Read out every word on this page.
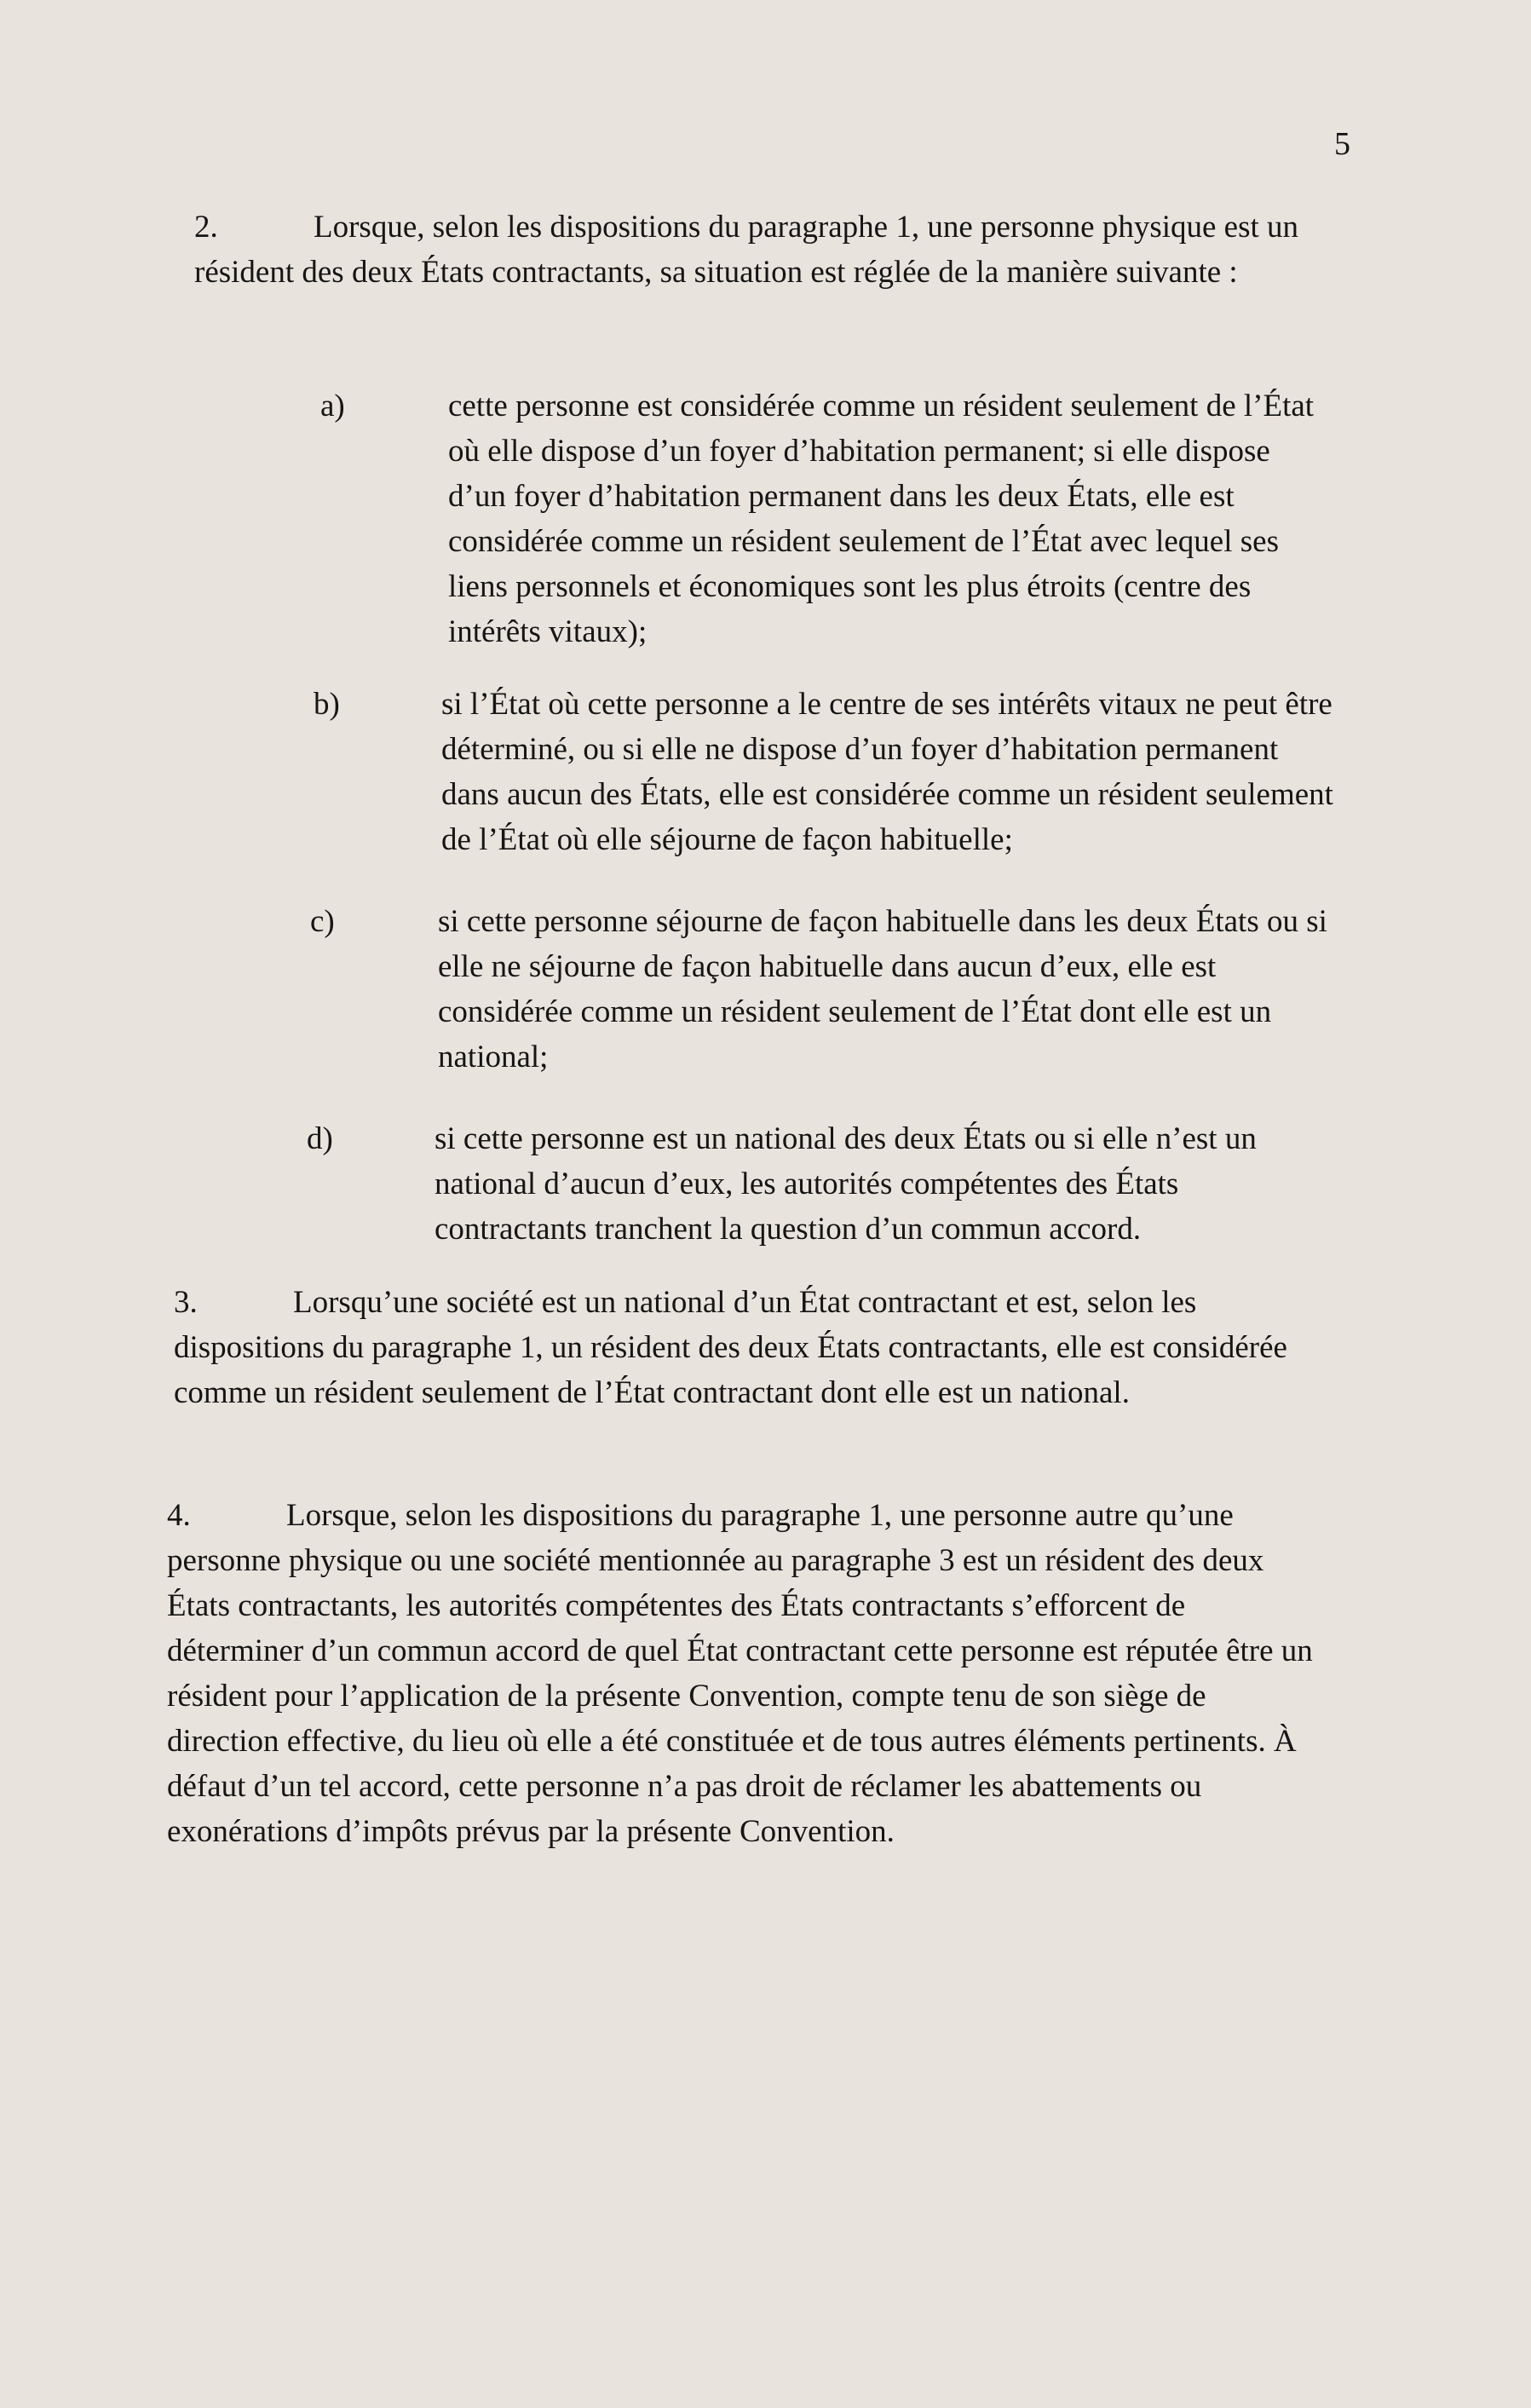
5

2.	Lorsque, selon les dispositions du paragraphe 1, une personne physique est un résident des deux États contractants, sa situation est réglée de la manière suivante :

a)	cette personne est considérée comme un résident seulement de l’État où elle dispose d’un foyer d’habitation permanent; si elle dispose d’un foyer d’habitation permanent dans les deux États, elle est considérée comme un résident seulement de l’État avec lequel ses liens personnels et économiques sont les plus étroits (centre des intérêts vitaux);
b)	si l’État où cette personne a le centre de ses intérêts vitaux ne peut être déterminé, ou si elle ne dispose d’un foyer d’habitation permanent dans aucun des États, elle est considérée comme un résident seulement de l’État où elle séjourne de façon habituelle;
c)	si cette personne séjourne de façon habituelle dans les deux États ou si elle ne séjourne de façon habituelle dans aucun d’eux, elle est considérée comme un résident seulement de l’État dont elle est un national;
d)	si cette personne est un national des deux États ou si elle n’est un national d’aucun d’eux, les autorités compétentes des États contractants tranchent la question d’un commun accord.

3.	Lorsqu’une société est un national d’un État contractant et est, selon les dispositions du paragraphe 1, un résident des deux États contractants, elle est considérée comme un résident seulement de l’État contractant dont elle est un national.

4.	Lorsque, selon les dispositions du paragraphe 1, une personne autre qu’une personne physique ou une société mentionnée au paragraphe 3 est un résident des deux États contractants, les autorités compétentes des États contractants s’efforcent de déterminer d’un commun accord de quel État contractant cette personne est réputée être un résident pour l’application de la présente Convention, compte tenu de son siège de direction effective, du lieu où elle a été constituée et de tous autres éléments pertinents. À défaut d’un tel accord, cette personne n’a pas droit de réclamer les abattements ou exonérations d’impôts prévus par la présente Convention.
